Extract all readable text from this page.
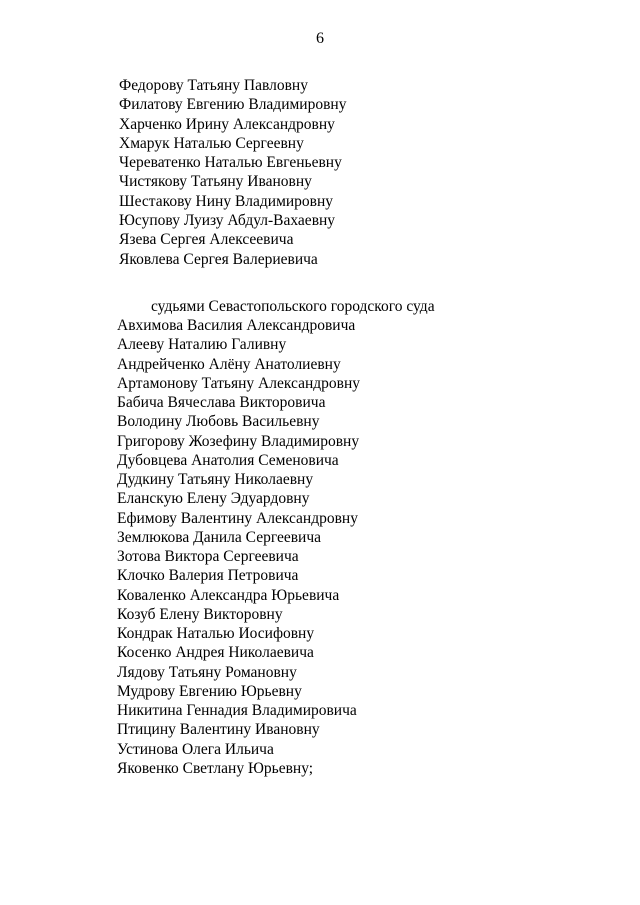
6
Федорову Татьяну Павловну
Филатову Евгению Владимировну
Харченко Ирину Александровну
Хмарук Наталью Сергеевну
Череватенко Наталью Евгеньевну
Чистякову Татьяну Ивановну
Шестакову Нину Владимировну
Юсупову Луизу Абдул-Вахаевну
Язева Сергея Алексеевича
Яковлева Сергея Валериевича
судьями Севастопольского городского суда
Авхимова Василия Александровича
Алееву Наталию Галивну
Андрейченко Алёну Анатолиевну
Артамонову Татьяну Александровну
Бабича Вячеслава Викторовича
Володину Любовь Васильевну
Григорову Жозефину Владимировну
Дубовцева Анатолия Семеновича
Дудкину Татьяну Николаевну
Еланскую Елену Эдуардовну
Ефимову Валентину Александровну
Землюкова Данила Сергеевича
Зотова Виктора Сергеевича
Клочко Валерия Петровича
Коваленко Александра Юрьевича
Козуб Елену Викторовну
Кондрак Наталью Иосифовну
Косенко Андрея Николаевича
Лядову Татьяну Романовну
Мудрову Евгению Юрьевну
Никитина Геннадия Владимировича
Птицину Валентину Ивановну
Устинова Олега Ильича
Яковенко Светлану Юрьевну;
